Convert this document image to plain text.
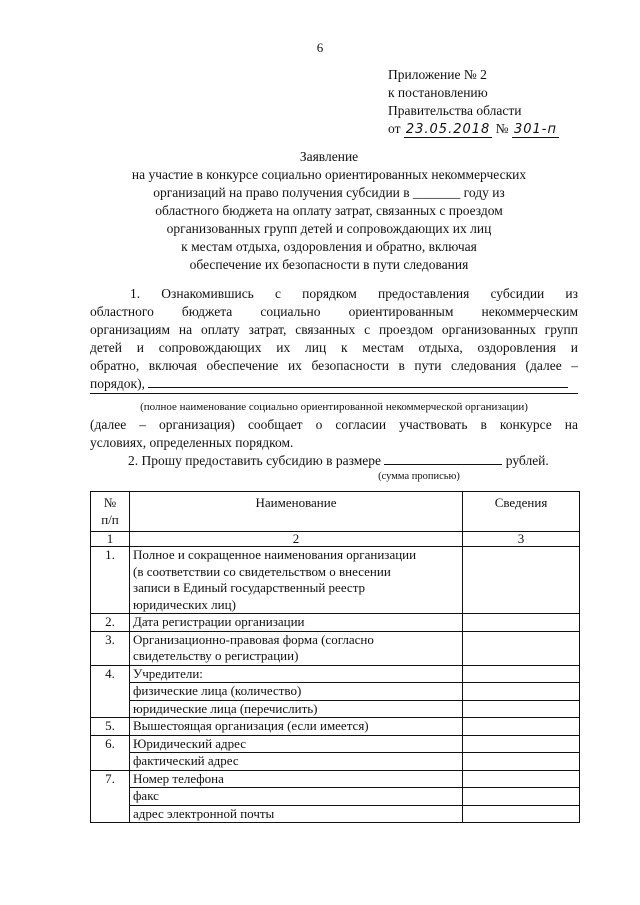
6
Приложение № 2
к постановлению
Правительства области
от 23.05.2018 № 301-п
Заявление
на участие в конкурсе социально ориентированных некоммерческих
организаций на право получения субсидии в _______ году из
областного бюджета на оплату затрат, связанных с проездом
организованных групп детей и сопровождающих их лиц
к местам отдыха, оздоровления и обратно, включая
обеспечение их безопасности в пути следования
1. Ознакомившись с порядком предоставления субсидии из
областного бюджета социально ориентированным некоммерческим
организациям на оплату затрат, связанных с проездом организованных групп
детей и сопровождающих их лиц к местам отдыха, оздоровления и
обратно, включая обеспечение их безопасности в пути следования (далее –
порядок),
(полное наименование социально ориентированной некоммерческой организации)
(далее – организация) сообщает о согласии участвовать в конкурсе на
условиях, определенных порядком.
2. Прошу предоставить субсидию в размере	рублей.
(сумма прописью)
№
п/п	Наименование	Сведения
1	2	3
1.	Полное и сокращенное наименования организации
(в соответствии со свидетельством о внесении
записи в Единый государственный реестр
юридических лиц)	

2.	Дата регистрации организации	

3.	Организационно-правовая форма (согласно
свидетельству о регистрации)	

4.	Учредители:	

	физические лица (количество)	
	юридические лица (перечислить)	
5.	Вышестоящая организация (если имеется)	

6.	Юридический адрес	

	фактический адрес	
7.	Номер телефона	

	факс	
	адрес электронной почты	
